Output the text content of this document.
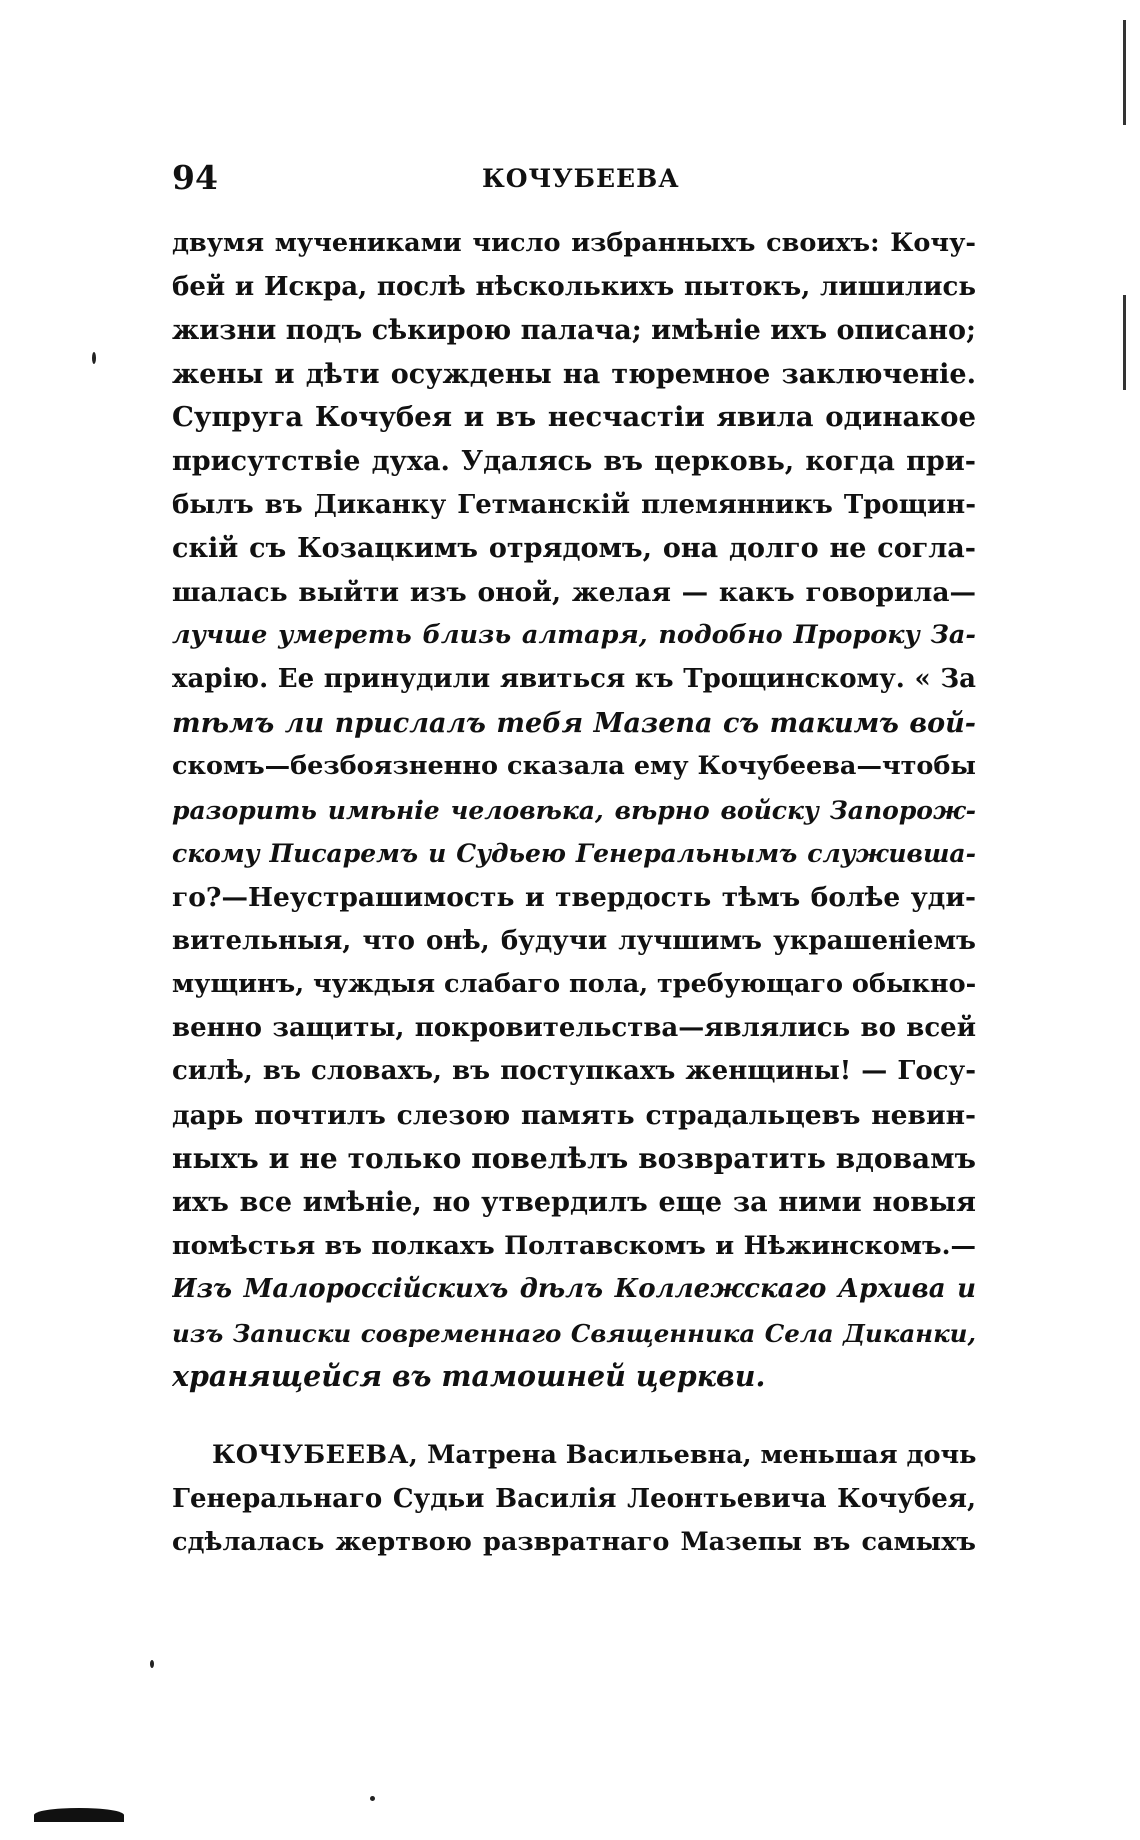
94	КОЧУБЕЕВА
двумя мучениками число избранныхъ своихъ: Кочу-
бей и Искра, послѣ нѣсколькихъ пытокъ, лишились
жизни подъ сѣкирою палача; имѣніе ихъ описано;
жены и дѣти осуждены на тюремное заключеніе.
Супруга Кочубея и въ несчастіи явила одинакое
присутствіе духа. Удалясь въ церковь, когда при-
былъ въ Диканку Гетманскій племянникъ Трощин-
скій съ Козацкимъ отрядомъ, она долго не согла-
шалась выйти изъ оной, желая — какъ говорила—
лучше умереть близь алтаря, подобно Пророку За-
харію. Ее принудили явиться къ Трощинскому. « За
тѣмъ ли прислалъ тебя Мазепа съ такимъ вой-
скомъ—безбоязненно сказала ему Кочубеева—чтобы
разорить имѣніе человѣка, вѣрно войску Запорож-
скому Писаремъ и Судьею Генеральнымъ служивша-
го?—Неустрашимость и твердость тѣмъ болѣе уди-
вительныя, что онѣ, будучи лучшимъ украшеніемъ
мущинъ, чуждыя слабаго пола, требующаго обыкно-
венно защиты, покровительства—являлись во всей
силѣ, въ словахъ, въ поступкахъ женщины! — Госу-
дарь почтилъ слезою память страдальцевъ невин-
ныхъ и не только повелѣлъ возвратить вдовамъ
ихъ все имѣніе, но утвердилъ еще за ними новыя
помѣстья въ полкахъ Полтавскомъ и Нѣжинскомъ.—
Изъ Малороссійскихъ дѣлъ Коллежскаго Архива и
изъ Записки современнаго Священника Села Диканки,
хранящейся въ тамошней церкви.
КОЧУБЕЕВА, Матрена Васильевна, меньшая дочь
Генеральнаго Судьи Василія Леонтьевича Кочубея,
сдѣлалась жертвою развратнаго Мазепы въ самыхъ
